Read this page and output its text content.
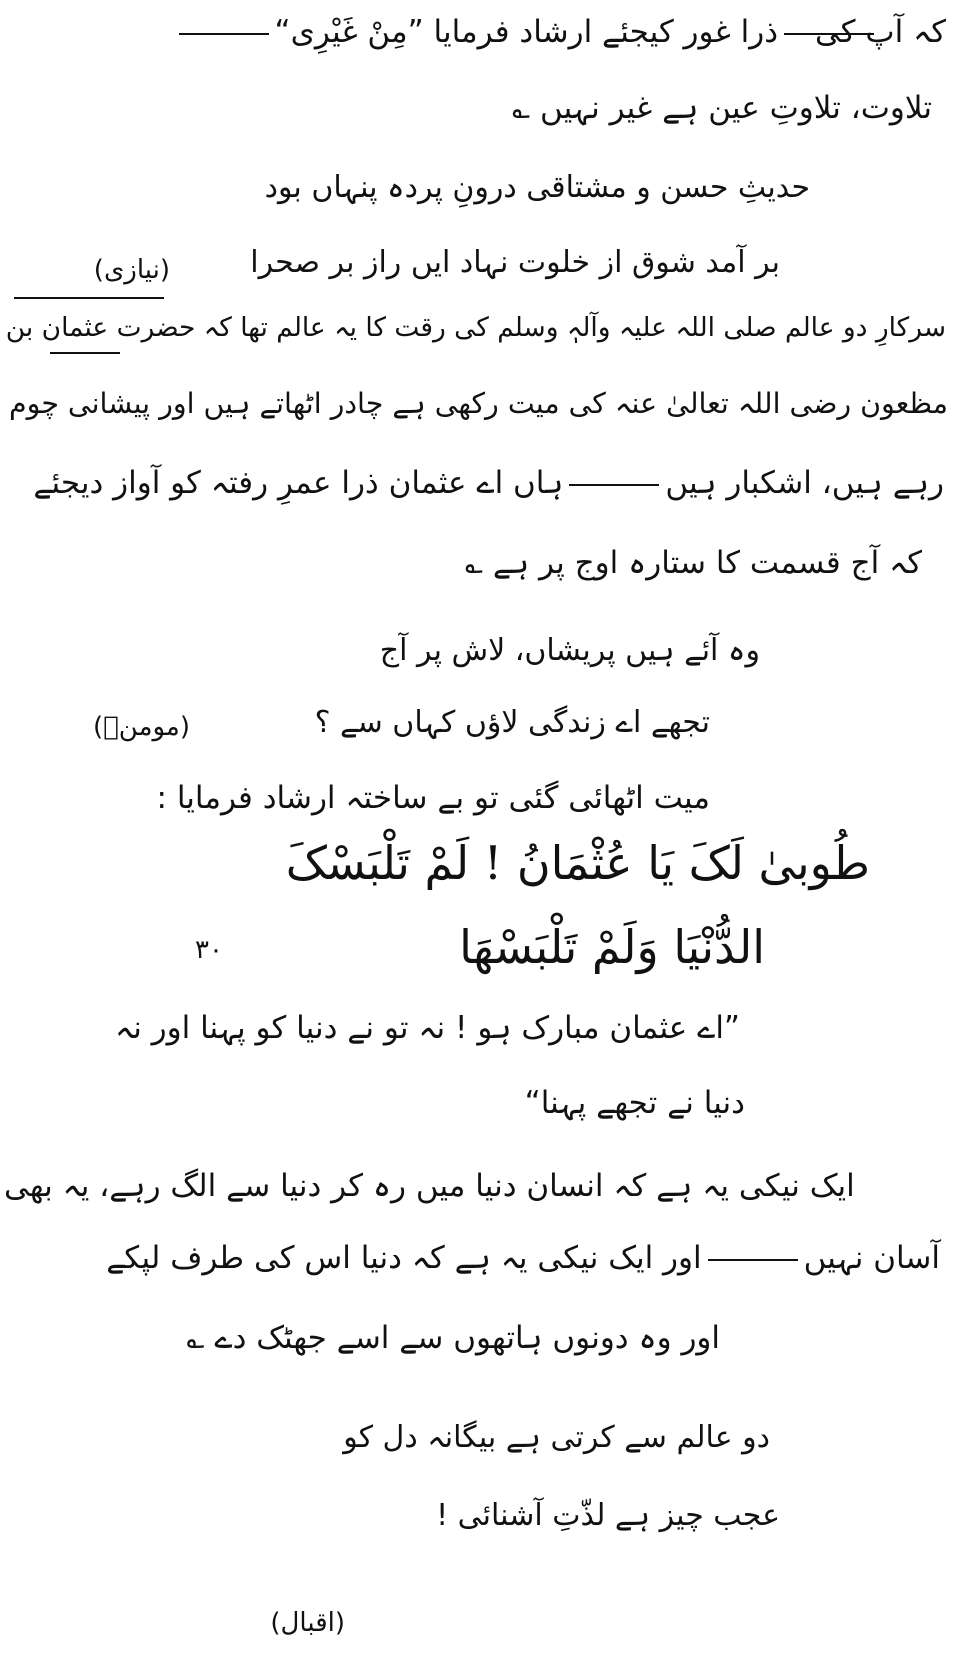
ذرا غور کیجئے ارشاد فرمایا ”مِنْ غَیْرِی“	کہ آپ کی
تلاوت، تلاوتِ عین ہے غیر نہیں ؎
حدیثِ حسن و مشتاقی درونِ پردہ پنہاں بود
بر آمد شوق از خلوت نہاد ایں راز بر صحرا
(نیازی)
سرکارِ دو عالم صلی اللہ علیہ وآلہٖ وسلم کی رقت کا یہ عالم تھا کہ حضرت عثمان بن
مظعون رضی اللہ تعالیٰ عنہ کی میت رکھی ہے چادر اٹھاتے ہیں اور پیشانی چوم
رہے ہیں، اشکبار ہیںہاں اے عثمان ذرا عمرِ رفتہ کو آواز دیجئے
کہ آج قسمت کا ستارہ اوج پر ہے ؎
وہ آئے ہیں پریشاں، لاش پر آج
تجھے اے زندگی لاؤں کہاں سے ؟
(مومنؔ)
میت اٹھائی گئی تو بے ساختہ ارشاد فرمایا :
طُوبیٰ لَکَ یَا عُثْمَانُ ! لَمْ تَلْبَسْکَ
الدُّنْیَا وَلَمْ تَلْبَسْهَا
۳۰
”اے عثمان مبارک ہو ! نہ تو نے دنیا کو پہنا اور نہ
دنیا نے تجھے پہنا“
ایک نیکی یہ ہے کہ انسان دنیا میں رہ کر دنیا سے الگ رہے، یہ بھی
آسان نہیںاور ایک نیکی یہ ہے کہ دنیا اس کی طرف لپکے
اور وہ دونوں ہاتھوں سے اسے جھٹک دے ؎
دو عالم سے کرتی ہے بیگانہ دل کو
عجب چیز ہے لذّتِ آشنائی !
(اقبال)
